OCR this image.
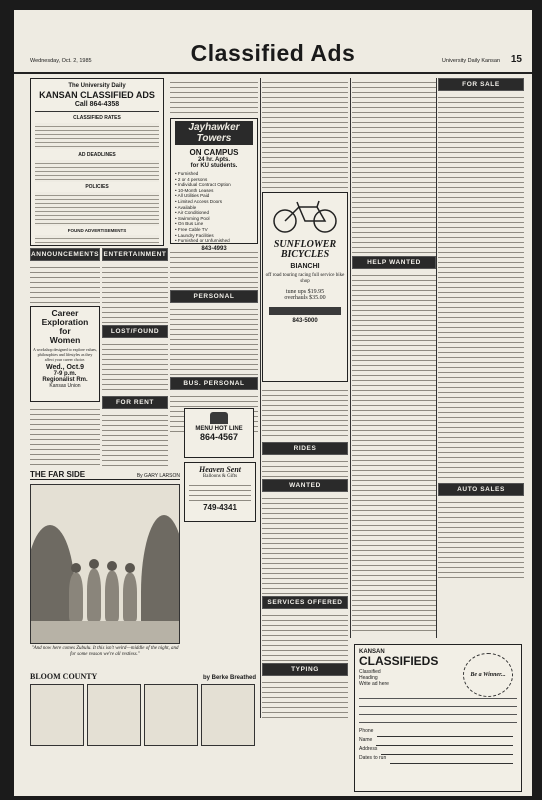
Classified Ads
Wednesday, Oct. 2, 1985	University Daily Kansan 15
The University Daily
KANSAN CLASSIFIED ADS
Call 864-4358
CLASSIFIED RATES
AD DEADLINES
POLICIES
FOUND ADVERTISEMENTS
ANNOUNCEMENTS
Career
Exploration
for
Women
A workshop designed to explore values, philosophies and lifestyles as they affect your career choice.
Wed., Oct.9
7-9 p.m.
Regionalist Rm.
Kansas Union
ENTERTAINMENT
LOST/FOUND
FOR RENT
Jayhawker Towers
ON CAMPUS
24 hr. Apts.
for KU students.
• Furnished
• 2 or 4 persons
• Individual Contract Option
• 10-Month Leases
• All Utilities Paid
• Limited Access Doors
• Available
• Air Conditioned
• Swimming Pool
• On Bus Line
• Free Cable TV
• Laundry Facilities
• Furnished or Unfurnished
843-4993
PERSONAL
BUS. PERSONAL
MENU HOT LINE
864-4567
SUNFLOWER BICYCLES
BIANCHI
off road touring racing full service bike shop
tune ups $19.95
overhauls $35.00
843-5000
RIDES
WANTED
SERVICES OFFERED
TYPING
HELP WANTED
FOR SALE
AUTO SALES
Heaven Sent
Balloons & Gifts
749-4341
THE FAR SIDE	By GARY LARSON
"And now here comes Zubulu. It this isn't weird—middle of the night, and for some reason we're all restless."
BLOOM COUNTY	by Berke Breathed
KANSAN
CLASSIFIEDS
Classified
Heading
Write ad here
Be a Winner...
Phone
Name
Address
Dates to run
